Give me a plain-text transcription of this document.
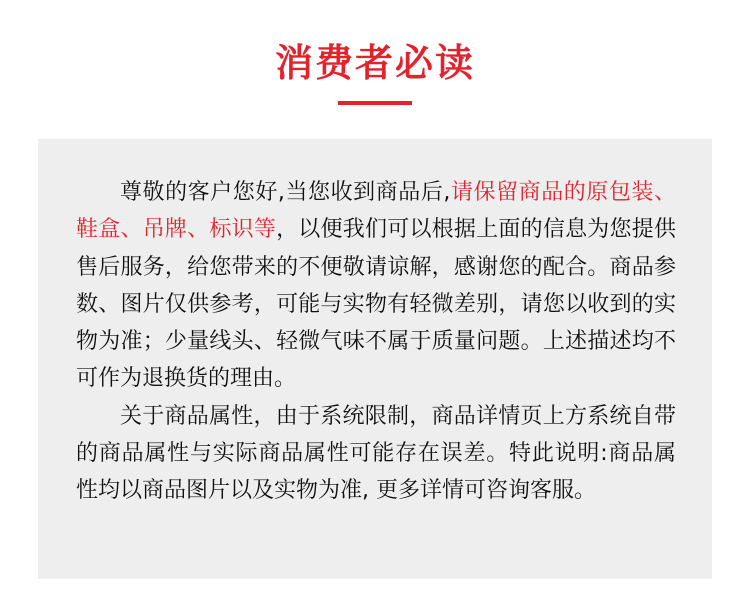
消费者必读

尊敬的客户您好,当您收到商品后,请保留商品的原包装、鞋盒、吊牌、标识等，以便我们可以根据上面的信息为您提供售后服务，给您带来的不便敬请谅解，感谢您的配合。商品参数、图片仅供参考，可能与实物有轻微差别，请您以收到的实物为准；少量线头、轻微气味不属于质量问题。上述描述均不可作为退换货的理由。

关于商品属性，由于系统限制，商品详情页上方系统自带的商品属性与实际商品属性可能存在误差。特此说明:商品属性均以商品图片以及实物为准, 更多详情可咨询客服。
